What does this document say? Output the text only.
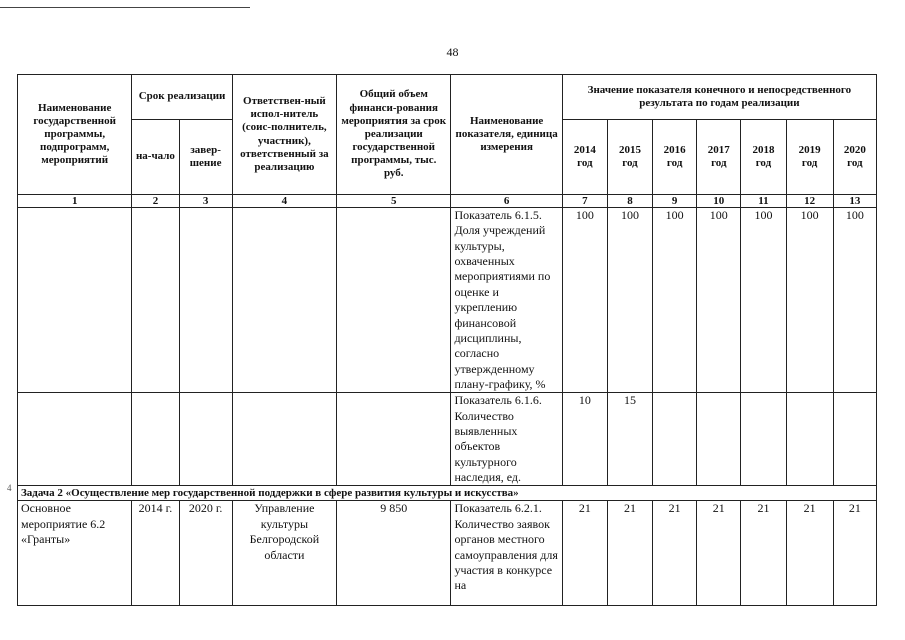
48
4
Наименование государственной программы, подпрограмм, мероприятий	Срок реализации		Ответствен-ный испол-нитель (соис-полнитель, участник), ответственный за реализацию	Общий объем финанси-рования мероприятия за срок реализации государственной программы, тыс. руб.	Наименование показателя, единица измерения	Значение показателя конечного и непосредственного результата по годам реализации						
	на-чало	завер-шение				2014 год	2015 год	2016 год	2017 год	2018 год	2019 год	2020 год
1	2	3	4	5	6	7	8	9	10	11	12	13
					Показатель 6.1.5. Доля учреждений культуры, охваченных мероприятиями по оценке и укреплению финансовой дисциплины, согласно утвержденному плану-графику, %	100	100	100	100	100	100	100
					Показатель 6.1.6. Количество выявленных объектов культурного наследия, ед.	10	15					
Задача 2 «Осуществление мер государственной поддержки в сфере развития культуры и искусства»												
Основное мероприятие 6.2 «Гранты»	2014 г.	2020 г.	Управление культуры Белгородской области	9 850	Показатель 6.2.1. Количество заявок органов местного самоуправления для участия в конкурсе на	21	21	21	21	21	21	21
